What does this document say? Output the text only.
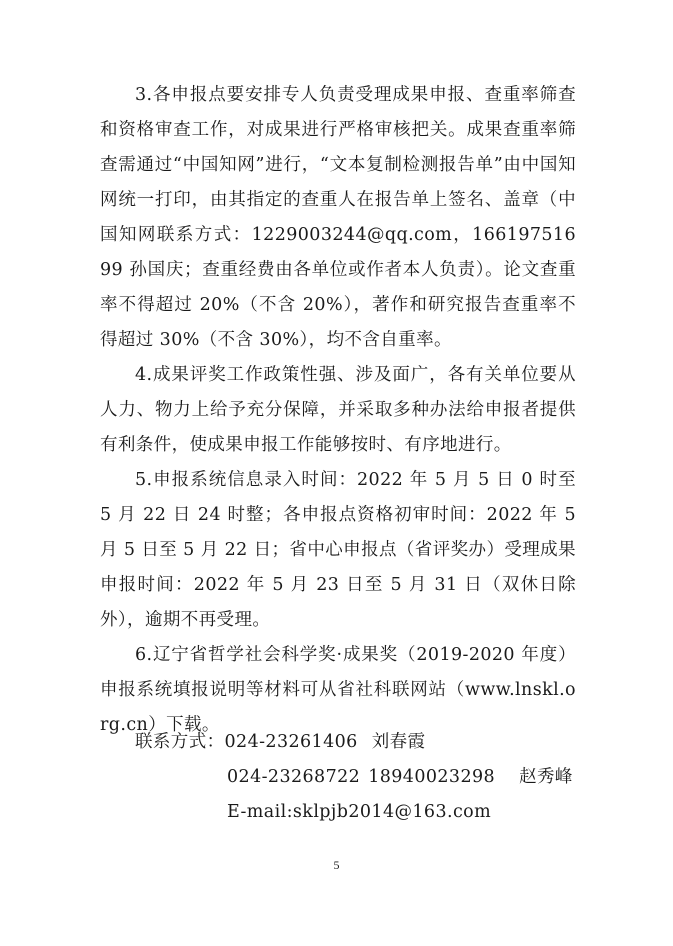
3.各申报点要安排专人负责受理成果申报、查重率筛查和资格审查工作，对成果进行严格审核把关。成果查重率筛查需通过“中国知网”进行，“文本复制检测报告单”由中国知网统一打印，由其指定的查重人在报告单上签名、盖章（中国知网联系方式：1229003244@qq.com，16619751699 孙国庆；查重经费由各单位或作者本人负责）。论文查重率不得超过 20%（不含 20%），著作和研究报告查重率不得超过 30%（不含 30%），均不含自重率。

4.成果评奖工作政策性强、涉及面广，各有关单位要从人力、物力上给予充分保障，并采取多种办法给申报者提供有利条件，使成果申报工作能够按时、有序地进行。

5.申报系统信息录入时间：2022 年 5 月 5 日 0 时至 5 月 22 日 24 时整；各申报点资格初审时间：2022 年 5 月 5 日至 5 月 22 日；省中心申报点（省评奖办）受理成果申报时间：2022 年 5 月 23 日至 5 月 31 日（双休日除外），逾期不再受理。

6.辽宁省哲学社会科学奖·成果奖（2019-2020 年度）申报系统填报说明等材料可从省社科联网站（www.lnskl.org.cn）下载。

联系方式：024-23261406 刘春霞
024-23268722 18940023298 赵秀峰
E-mail:sklpjb2014@163.com
5
